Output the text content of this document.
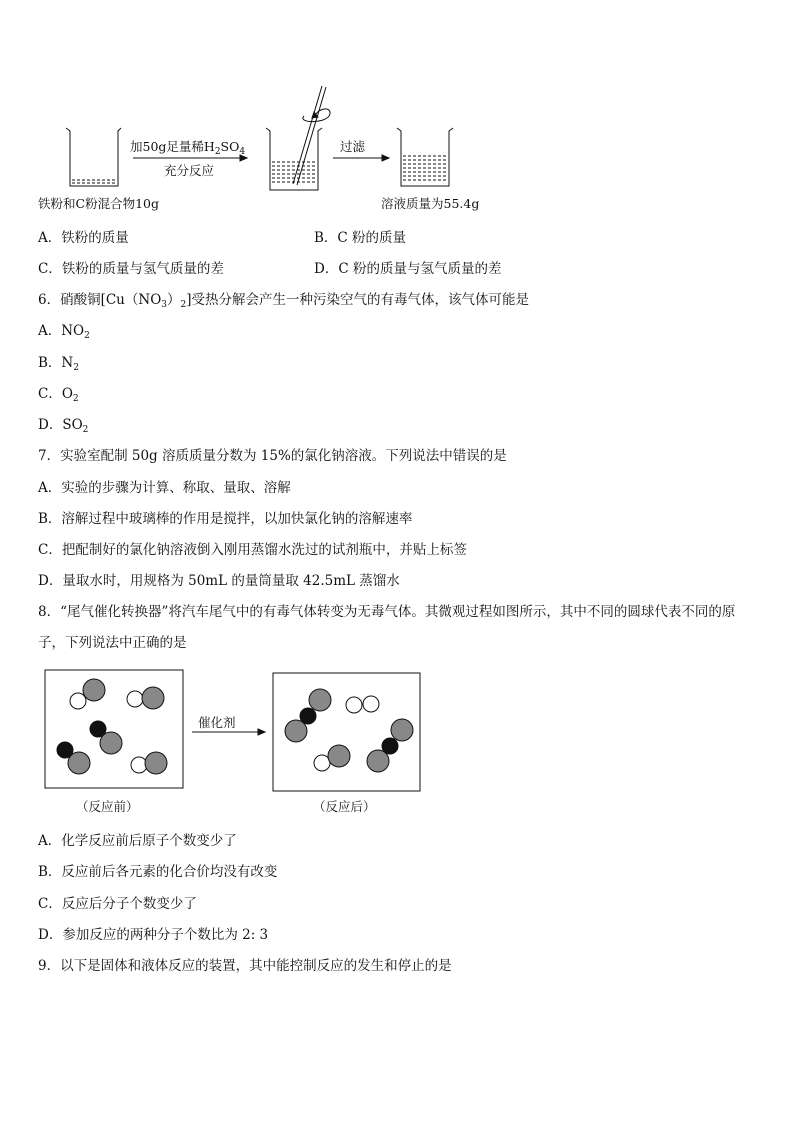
加50g足量稀$H_2SO_4$
充分反应
过滤
铁粉和C粉混合物10g	溶液质量为55.4g
A．铁粉的质量	B．C 粉的质量
C．铁粉的质量与氢气质量的差	D．C 粉的质量与氢气质量的差
6．硝酸铜$[Cu(NO_3)_2]$受热分解会产生一种污染空气的有毒气体，该气体可能是
A．$NO_2$
B．$N_2$
C．$O_2$
D．$SO_2$
7．实验室配制 50g 溶质质量分数为 15%的氯化钠溶液。下列说法中错误的是
A．实验的步骤为计算、称取、量取、溶解
B．溶解过程中玻璃棒的作用是搅拌，以加快氯化钠的溶解速率
C．把配制好的氯化钠溶液倒入刚用蒸馏水洗过的试剂瓶中，并贴上标签
D．量取水时，用规格为 50mL 的量筒量取 42.5mL 蒸馏水
8．“尾气催化转换器”将汽车尾气中的有毒气体转变为无毒气体。其微观过程如图所示，其中不同的圆球代表不同的原
子，下列说法中正确的是
催化剂
（反应前）	（反应后）
A．化学反应前后原子个数变少了
B．反应前后各元素的化合价均没有改变
C．反应后分子个数变少了
D．参加反应的两种分子个数比为 2: 3
9．以下是固体和液体反应的装置，其中能控制反应的发生和停止的是
